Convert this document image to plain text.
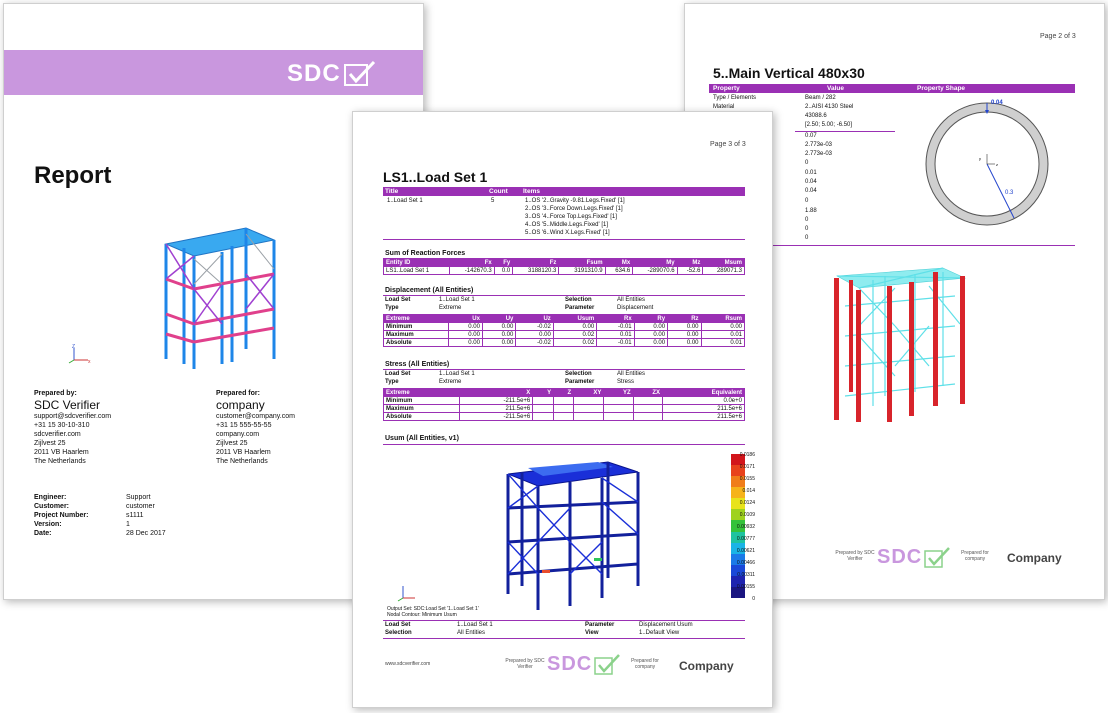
SDC
Report
Z
x
Prepared by:
SDC Verifier
support@sdcverifier.com
+31 15 30-10-310
sdcverifier.com
Zijlvest 25
2011 VB Haarlem
The Netherlands
Prepared for:
company
customer@company.com
+31 15 555-55-55
company.com
Zijlvest 25
2011 VB Haarlem
The Netherlands
Engineer:	Support
Customer:	customer
Project Number:	s1111
Version:	1
Date:	28 Dec 2017
Page 2 of 3
5..Main Vertical 480x30
Property	Value	Property Shape
Type / Elements	Beam / 282
Material	2..AISI 4130 Steel
43088.6
[2.50; 5.00; -6.50]
0.07
2.773e-03
2.773e-03
0
0.01
0.04
0.04
0
1.88
0
0
0
0.04
0.3
y
z
Prepared by SDC Verifier SDC	Prepared for company	Company
Page 3 of 3
LS1..Load Set 1
Title	Count Items
1..Load Set 1	5	1..OS '2..Gravity -9.81.Legs.Fixed' [1]
2..OS '3..Force Down.Legs.Fixed' [1]
3..OS '4..Force Top.Legs.Fixed' [1]
4..OS '5..Middle.Legs.Fixed' [1]
5..OS '6..Wind X.Legs.Fixed' [1]
Sum of Reaction Forces
Entity ID	Fx	Fy	Fz	Fsum	Mx	My	Mz	Msum
LS1..Load Set 1	-142670.3	0.0	3188120.3	3191310.9	634.6	-289070.6	-52.6	289071.3
Displacement (All Entities)
Load Set	1..Load Set 1	Selection	All Entities
Type	Extreme	Parameter	Displacement
Extreme	Ux	Uy	Uz	Usum	Rx	Ry	Rz	Rsum
Minimum	0.00	0.00	-0.02	0.00	-0.01	0.00	0.00	0.00
Maximum	0.00	0.00	0.00	0.02	0.01	0.00	0.00	0.01
Absolute	0.00	0.00	-0.02	0.02	-0.01	0.00	0.00	0.01
Stress (All Entities)
Load Set	1..Load Set 1	Selection	All Entities
Type	Extreme	Parameter	Stress
Extreme	X	Y	Z	XY	YZ	ZX	Equivalent
Minimum	-211.5e+6						0.0e+0
Maximum	211.5e+6						211.5e+6
Absolute	-211.5e+6						211.5e+6
Usum (All Entities, v1)
0.0186
0.0171
0.0155
0.014
0.0124
0.0109
0.00932
0.00777
0.00621
0.00466
0.00311
0.00155
0
Output Set: SDC:Load Set '1..Load Set 1'
Nodal Contour: Minimum Usum
Load Set	1..Load Set 1	Parameter	Displacement Usum
Selection	All Entities	View	1..Default View
www.sdcverifier.com	Prepared by SDC Verifier SDC	Prepared for company	Company
